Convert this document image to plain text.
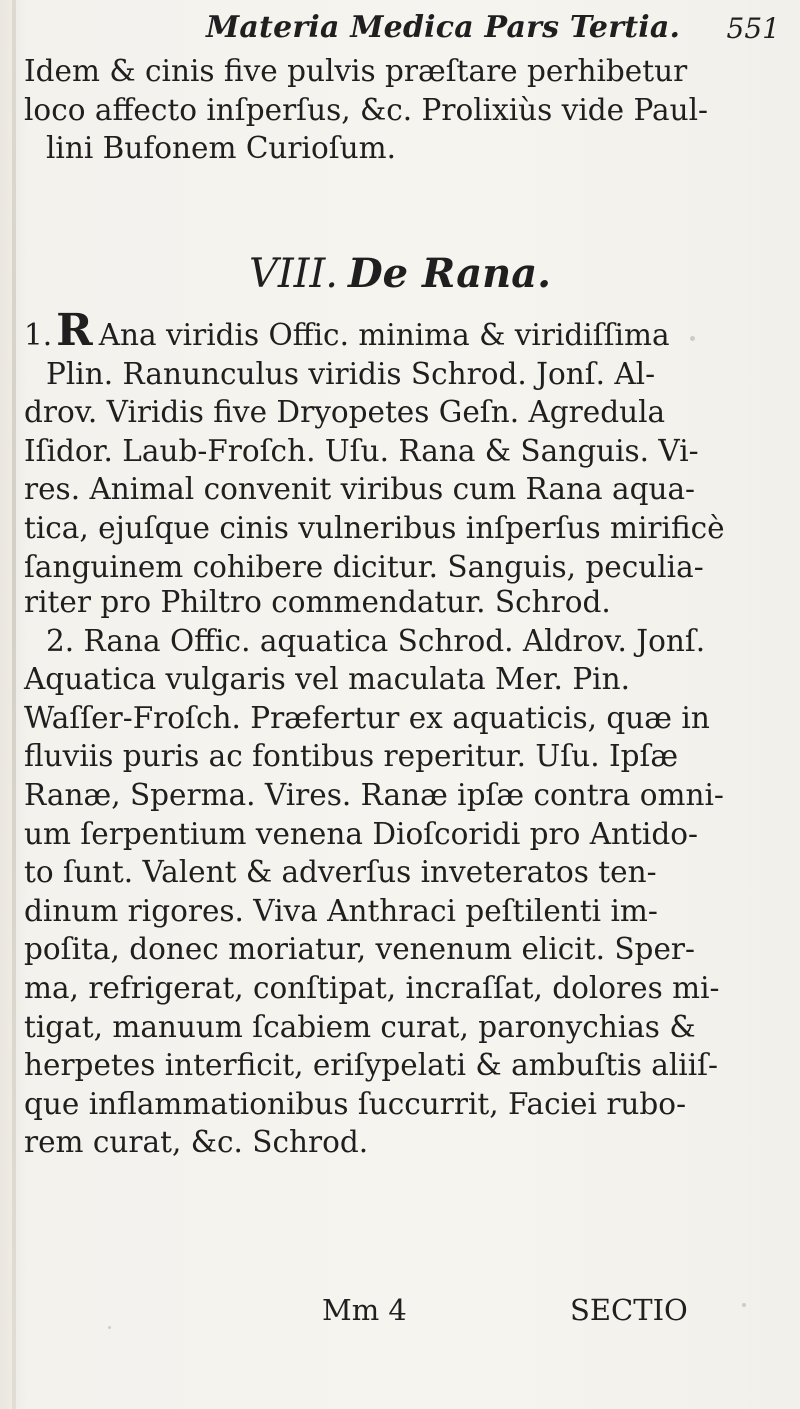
Materia Medica Pars Tertia. 551
Idem & cinis five pulvis præſtare perhibetur
loco affecto inſperſus, &c. Prolixiùs vide Paul-
lini Bufonem Curioſum.
VIII. De Rana.
1.R Ana viridis Offic. minima & viridiſſima
Plin. Ranunculus viridis Schrod. Jonſ. Al-
drov. Viridis five Dryopetes Geſn. Agredula
Iſidor. Laub-Froſch. Uſu. Rana & Sanguis. Vi-
res. Animal convenit viribus cum Rana aqua-
tica, ejuſque cinis vulneribus inſperſus mirificè
ſanguinem cohibere dicitur. Sanguis, peculia-
riter pro Philtro commendatur. Schrod.
2. Rana Offic. aquatica Schrod. Aldrov. Jonſ.
Aquatica vulgaris vel maculata Mer. Pin.
Waſſer-Froſch. Præfertur ex aquaticis, quæ in
fluviis puris ac fontibus reperitur. Uſu. Ipſæ
Ranæ, Sperma. Vires. Ranæ ipſæ contra omni-
um ſerpentium venena Dioſcoridi pro Antido-
to ſunt. Valent & adverſus inveteratos ten-
dinum rigores. Viva Anthraci peſtilenti im-
poſita, donec moriatur, venenum elicit. Sper-
ma, refrigerat, conſtipat, incraſſat, dolores mi-
tigat, manuum ſcabiem curat, paronychias &
herpetes interficit, eriſypelati & ambuſtis aliiſ-
que inflammationibus ſuccurrit, Faciei rubo-
rem curat, &c. Schrod.
Mm 4	SECTIO
